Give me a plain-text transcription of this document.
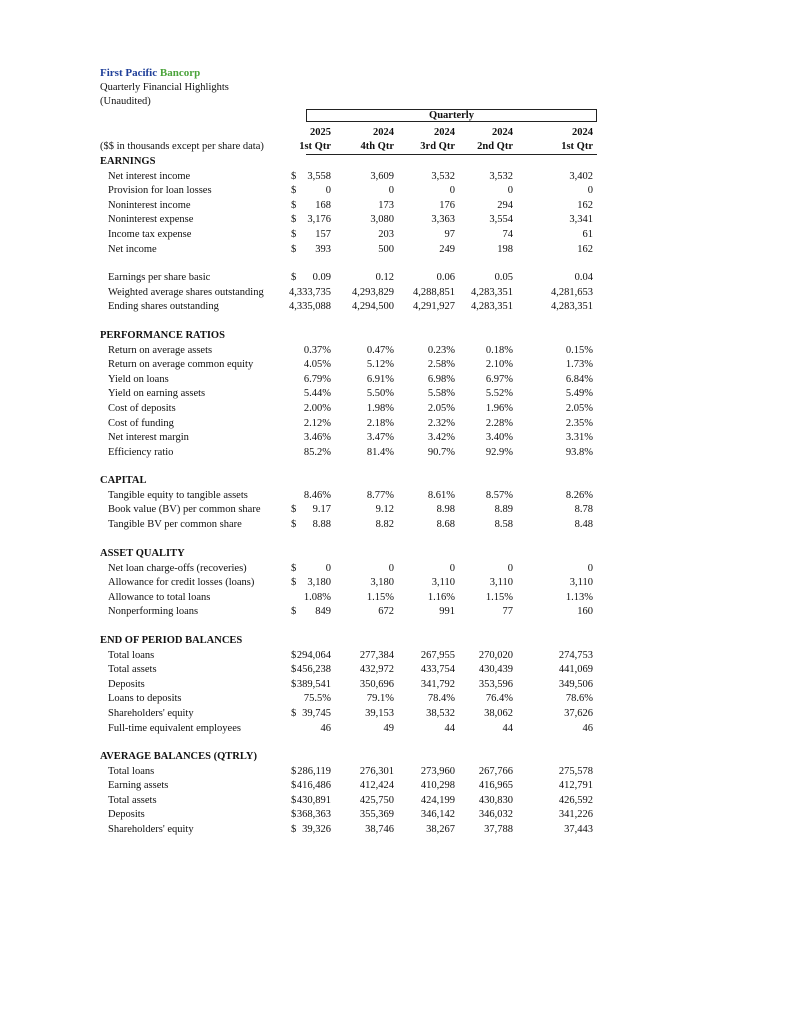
First Pacific Bancorp
Quarterly Financial Highlights
(Unaudited)
Quarterly
2025	2024	2024	2024	2024
1st Qtr	4th Qtr	3rd Qtr 2nd Qtr	1st Qtr
($$ in thousands except per share data)
EARNINGS
Net interest income	$ 3,558	3,609	3,532	3,532	3,402
Provision for loan losses	$	0	0	0	0	0
Noninterest income	$ 168	173	176	294	162
Noninterest expense	$ 3,176	3,080	3,363	3,554	3,341
Income tax expense	$ 157	203	97	74	61
Net income	$ 393	500	249	198	162
Earnings per share basic	$ 0.09	0.12	0.06	0.05	0.04
Weighted average shares outstanding 4,333,735 4,293,829 4,288,851 4,283,351	4,281,653
Ending shares outstanding	4,335,088 4,294,500 4,291,927 4,283,351	4,283,351
PERFORMANCE RATIOS
Return on average assets	0.37%	0.47%	0.23%	0.18%	0.15%
Return on average common equity	4.05%	5.12%	2.58%	2.10%	1.73%
Yield on loans	6.79%	6.91%	6.98%	6.97%	6.84%
Yield on earning assets	5.44%	5.50%	5.58%	5.52%	5.49%
Cost of deposits	2.00%	1.98%	2.05%	1.96%	2.05%
Cost of funding	2.12%	2.18%	2.32%	2.28%	2.35%
Net interest margin	3.46%	3.47%	3.42%	3.40%	3.31%
Efficiency ratio	85.2%	81.4%	90.7%	92.9%	93.8%
CAPITAL
Tangible equity to tangible assets	8.46%	8.77%	8.61%	8.57%	8.26%
Book value (BV) per common share	$ 9.17	9.12	8.98	8.89	8.78
Tangible BV per common share	$ 8.88	8.82	8.68	8.58	8.48
ASSET QUALITY
Net loan charge-offs (recoveries)	$	0	0	0	0	0
Allowance for credit losses (loans)	$ 3,180	3,180	3,110	3,110	3,110
Allowance to total loans	1.08%	1.15%	1.16%	1.15%	1.13%
Nonperforming loans	$ 849	672	991	77	160
END OF PERIOD BALANCES
Total loans	$ 294,064	277,384	267,955 270,020	274,753
Total assets	$ 456,238	432,972	433,754 430,439	441,069
Deposits	$ 389,541	350,696	341,792 353,596	349,506
Loans to deposits	75.5%	79.1%	78.4%	76.4%	78.6%
Shareholders' equity	$ 39,745	39,153	38,532	38,062	37,626
Full-time equivalent employees	46	49	44	44	46
AVERAGE BALANCES (QTRLY)
Total loans	$ 286,119	276,301	273,960 267,766	275,578
Earning assets	$ 416,486	412,424	410,298 416,965	412,791
Total assets	$ 430,891	425,750	424,199 430,830	426,592
Deposits	$ 368,363	355,369	346,142 346,032	341,226
Shareholders' equity	$ 39,326	38,746	38,267	37,788	37,443
